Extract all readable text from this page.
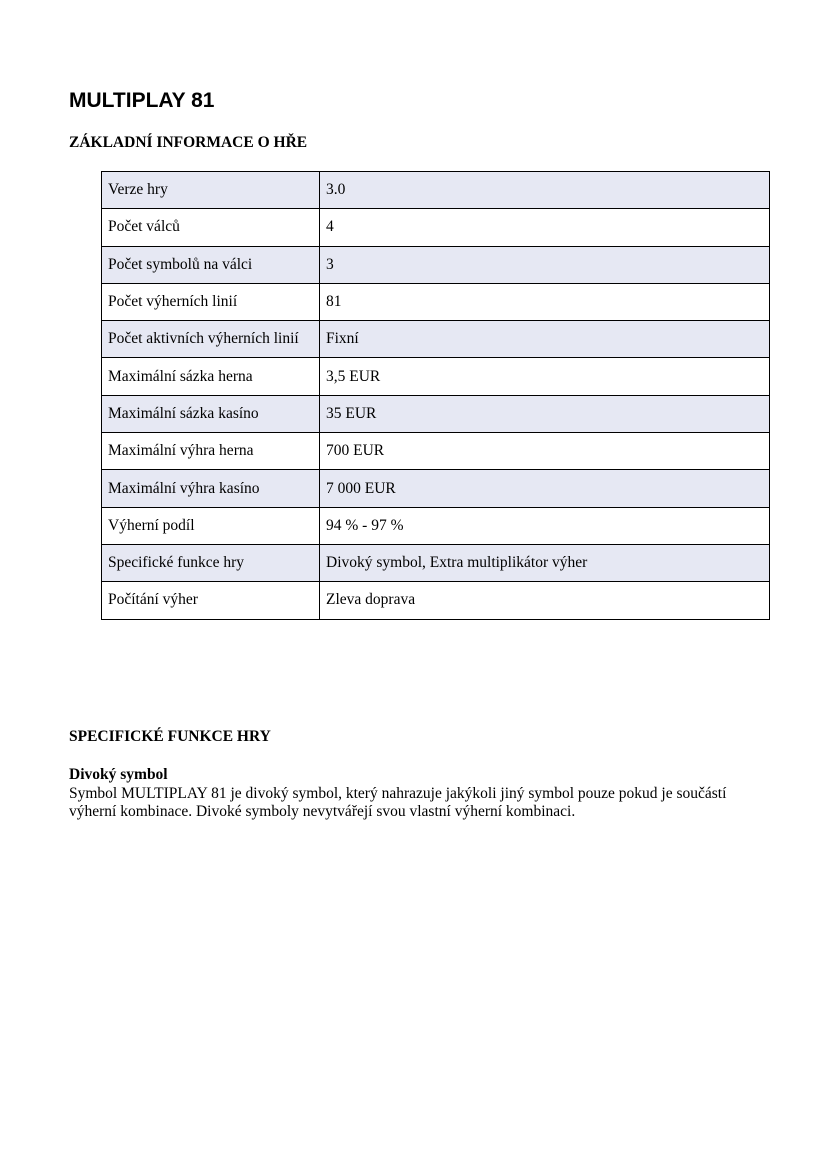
MULTIPLAY 81
ZÁKLADNÍ INFORMACE O HŘE
Verze hry	3.0
Počet válců	4
Počet symbolů na válci	3
Počet výherních linií	81
Počet aktivních výherních linií	Fixní
Maximální sázka herna	3,5 EUR
Maximální sázka kasíno	35 EUR
Maximální výhra herna	700 EUR
Maximální výhra kasíno	7 000 EUR
Výherní podíl	94 % - 97 %
Specifické funkce hry	Divoký symbol, Extra multiplikátor výher
Počítání výher	Zleva doprava
SPECIFICKÉ FUNKCE HRY
Divoký symbol

Symbol MULTIPLAY 81 je divoký symbol, který nahrazuje jakýkoli jiný symbol pouze pokud je součástí výherní kombinace. Divoké symboly nevytvářejí svou vlastní výherní kombinaci.
